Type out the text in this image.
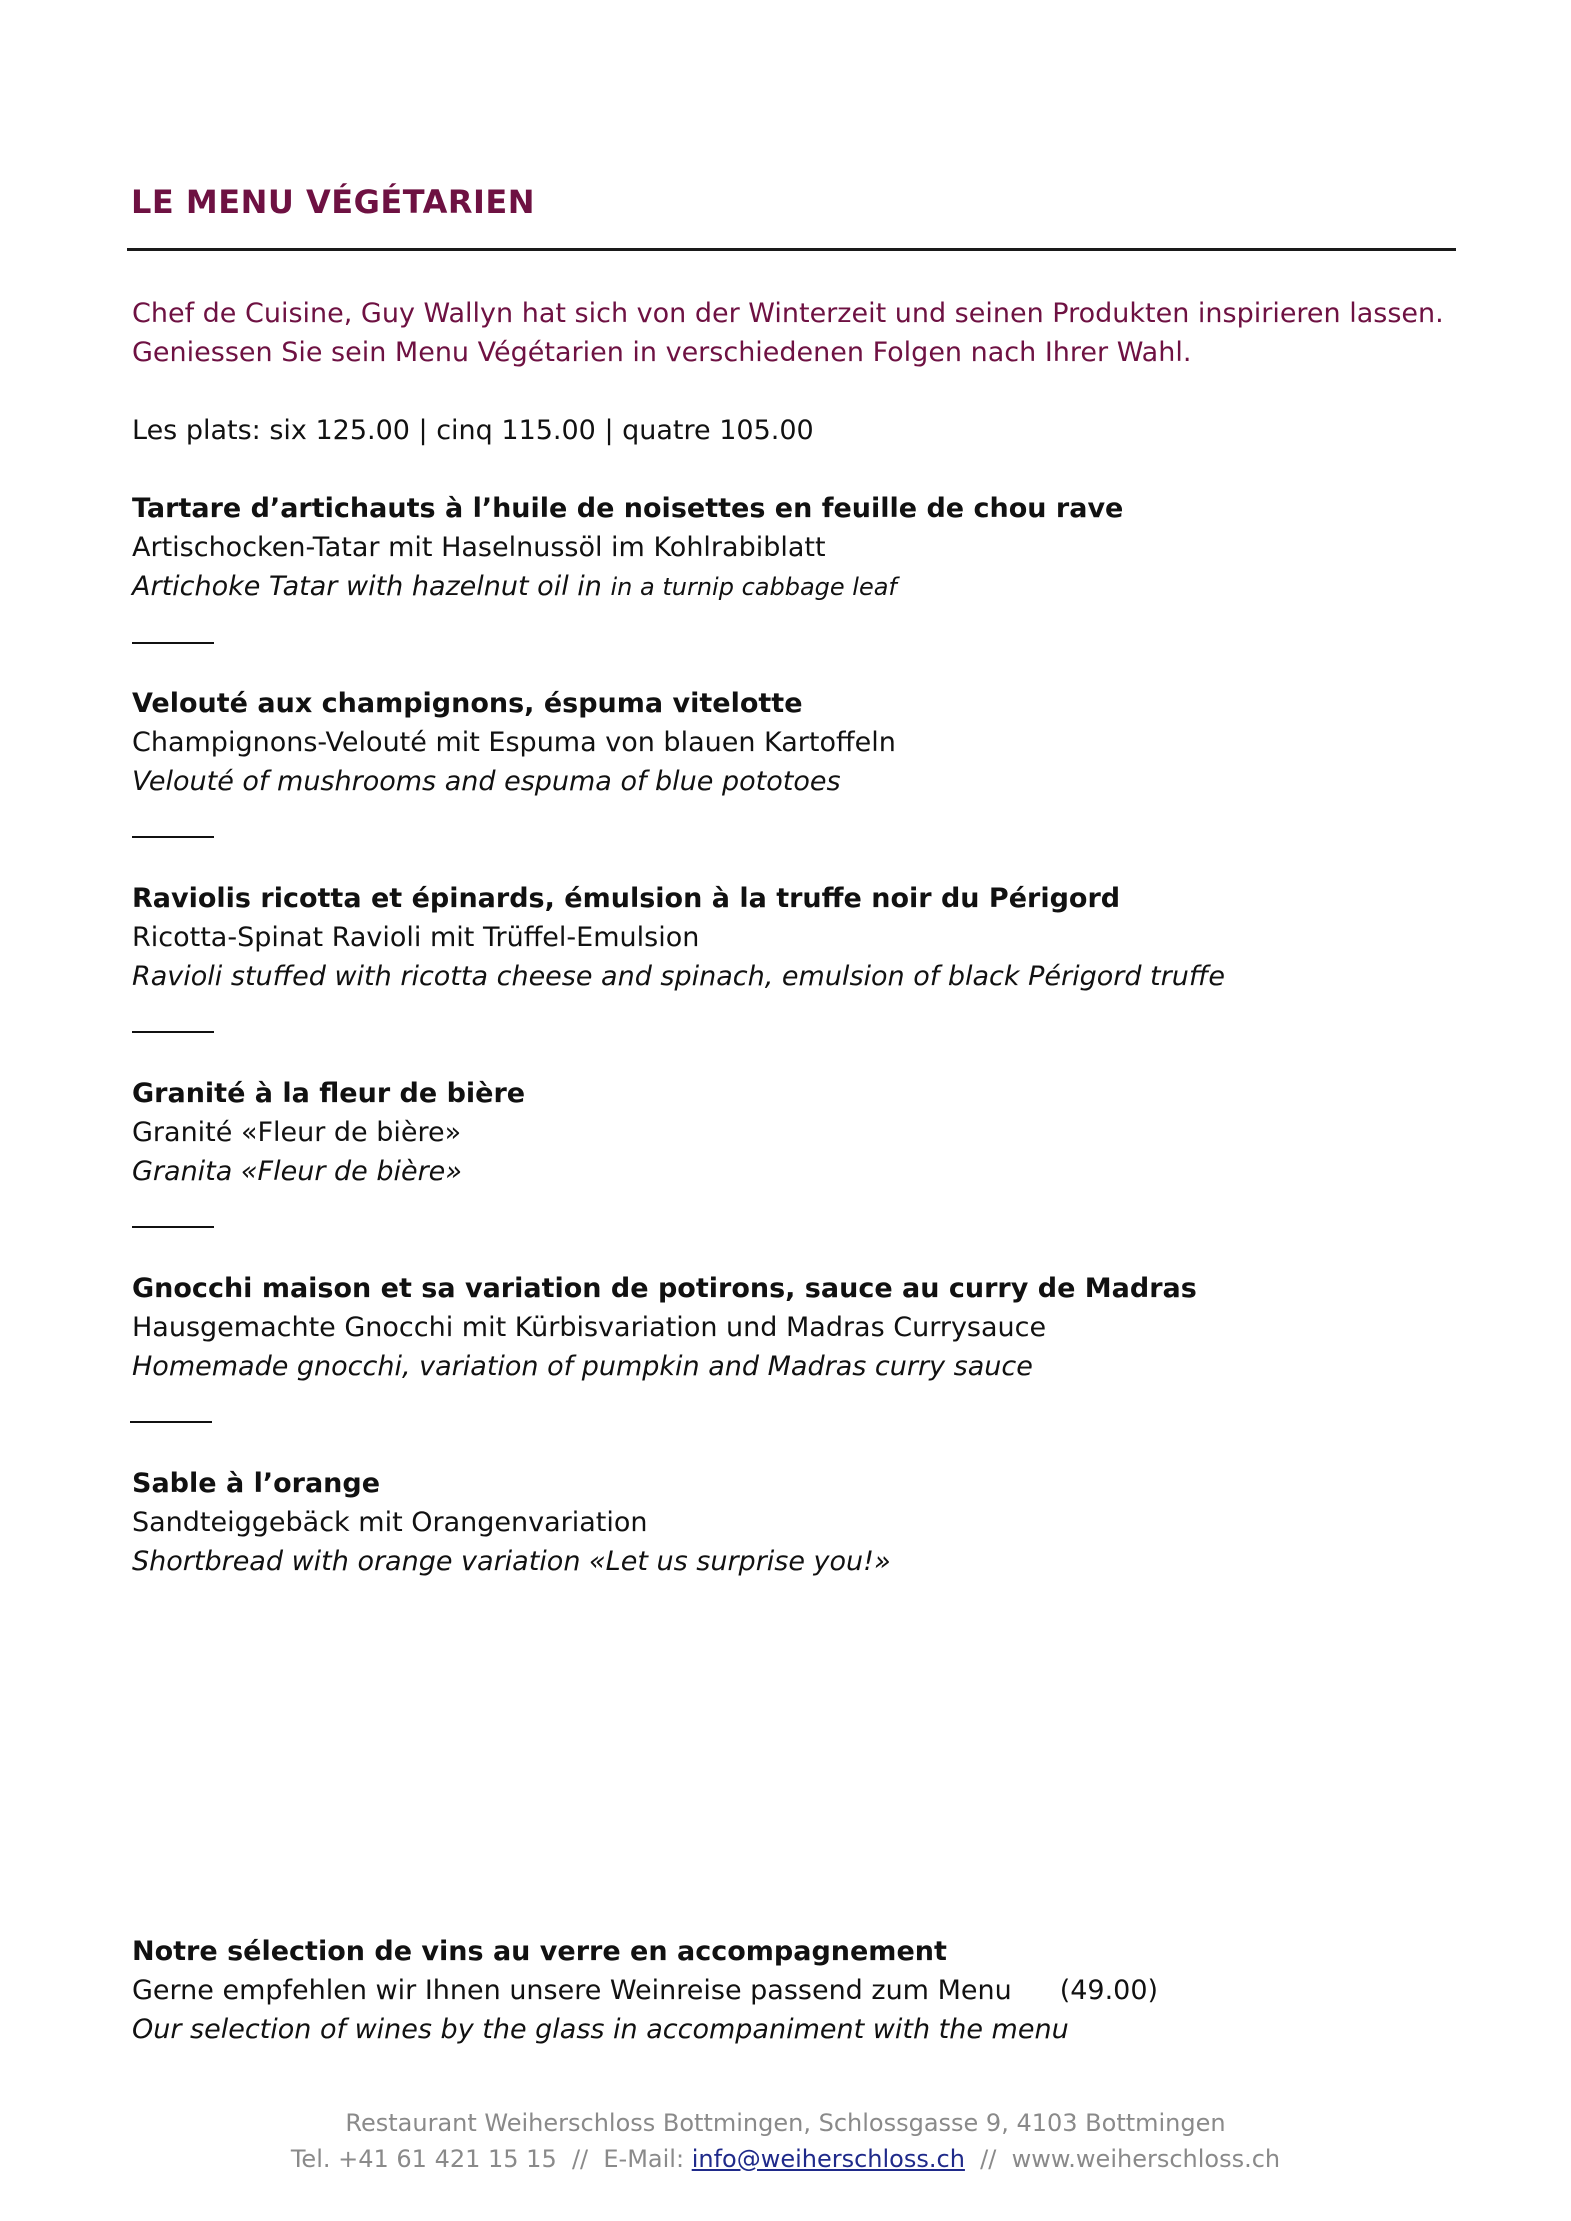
LE MENU VÉGÉTARIEN
Chef de Cuisine, Guy Wallyn hat sich von der Winterzeit und seinen Produkten inspirieren lassen.
Geniessen Sie sein Menu Végétarien in verschiedenen Folgen nach Ihrer Wahl.
Les plats: six 125.00 | cinq 115.00 | quatre 105.00
Tartare d’artichauts à l’huile de noisettes en feuille de chou rave
Artischocken-Tatar mit Haselnussöl im Kohlrabiblatt
Artichoke Tatar with hazelnut oil in in a turnip cabbage leaf
Velouté aux champignons, éspuma vitelotte
Champignons-Velouté mit Espuma von blauen Kartoffeln
Velouté of mushrooms and espuma of blue pototoes
Raviolis ricotta et épinards, émulsion à la truffe noir du Périgord
Ricotta-Spinat Ravioli mit Trüffel-Emulsion
Ravioli stuffed with ricotta cheese and spinach, emulsion of black Périgord truffe
Granité à la fleur de bière
Granité «Fleur de bière»
Granita «Fleur de bière»
Gnocchi maison et sa variation de potirons, sauce au curry de Madras
Hausgemachte Gnocchi mit Kürbisvariation und Madras Currysauce
Homemade gnocchi, variation of pumpkin and Madras curry sauce
Sable à l’orange
Sandteiggebäck mit Orangenvariation
Shortbread with orange variation «Let us surprise you!»
Notre sélection de vins au verre en accompagnement
Gerne empfehlen wir Ihnen unsere Weinreise passend zum Menu (49.00)
Our selection of wines by the glass in accompaniment with the menu
Restaurant Weiherschloss Bottmingen, Schlossgasse 9, 4103 Bottmingen
Tel. +41 61 421 15 15  //  E-Mail: info@weiherschloss.ch  //  www.weiherschloss.ch
